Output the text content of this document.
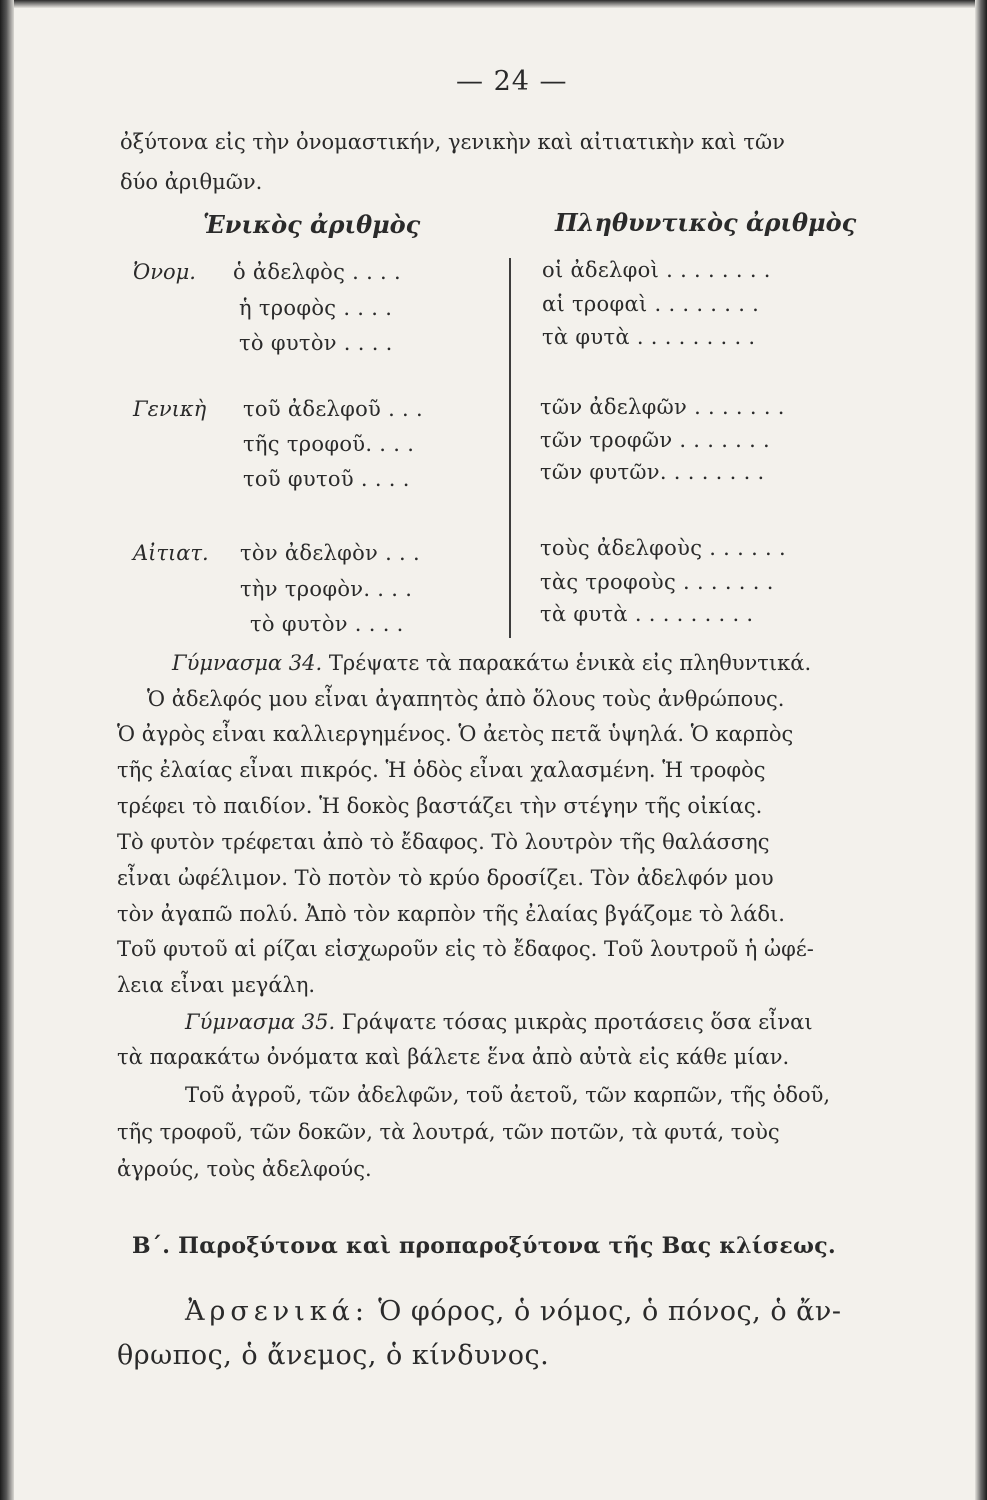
— 24 —
ὀξύτονα εἰς τὴν ὀνομαστικήν, γενικὴν καὶ αἰτιατικὴν καὶ τῶν
δύο ἀριθμῶν.
Ἑνικὸς ἀριθμὸς	Πληθυντικὸς ἀριθμὸς
Ὀνομ. ὁ ἀδελφὸς . . . .
ἡ τροφὸς . . . .
τὸ φυτὸν . . . .
οἱ ἀδελφοὶ . . . . . . . .
αἱ τροφαὶ . . . . . . . .
τὰ φυτὰ . . . . . . . . .
Γενικὴ τοῦ ἀδελφοῦ . . .
τῆς τροφοῦ. . . .
τοῦ φυτοῦ . . . .
τῶν ἀδελφῶν . . . . . . .
τῶν τροφῶν . . . . . . .
τῶν φυτῶν. . . . . . . .
Αἰτιατ. τὸν ἀδελφὸν . . .
τὴν τροφὸν. . . .
τὸ φυτὸν . . . .
τοὺς ἀδελφοὺς . . . . . .
τὰς τροφοὺς . . . . . . .
τὰ φυτὰ . . . . . . . . .
Γύμνασμα 34. Τρέψατε τὰ παρακάτω ἑνικὰ εἰς πληθυντικά.
Ὁ ἀδελφός μου εἶναι ἀγαπητὸς ἀπὸ ὅλους τοὺς ἀνθρώπους.
Ὁ ἀγρὸς εἶναι καλλιεργημένος. Ὁ ἀετὸς πετᾶ ὑψηλά. Ὁ καρπὸς
τῆς ἐλαίας εἶναι πικρός. Ἡ ὁδὸς εἶναι χαλασμένη. Ἡ τροφὸς
τρέφει τὸ παιδίον. Ἡ δοκὸς βαστάζει τὴν στέγην τῆς οἰκίας.
Τὸ φυτὸν τρέφεται ἀπὸ τὸ ἔδαφος. Τὸ λουτρὸν τῆς θαλάσσης
εἶναι ὠφέλιμον. Τὸ ποτὸν τὸ κρύο δροσίζει. Τὸν ἀδελφόν μου
τὸν ἀγαπῶ πολύ. Ἀπὸ τὸν καρπὸν τῆς ἐλαίας βγάζομε τὸ λάδι.
Τοῦ φυτοῦ αἱ ρίζαι εἰσχωροῦν εἰς τὸ ἔδαφος. Τοῦ λουτροῦ ἡ ὠφέ-
λεια εἶναι μεγάλη.
Γύμνασμα 35. Γράψατε τόσας μικρὰς προτάσεις ὅσα εἶναι
τὰ παρακάτω ὀνόματα καὶ βάλετε ἕνα ἀπὸ αὐτὰ εἰς κάθε μίαν.
Τοῦ ἀγροῦ, τῶν ἀδελφῶν, τοῦ ἀετοῦ, τῶν καρπῶν, τῆς ὁδοῦ,
τῆς τροφοῦ, τῶν δοκῶν, τὰ λουτρά, τῶν ποτῶν, τὰ φυτά, τοὺς
ἀγρούς, τοὺς ἀδελφούς.
Β΄. Παροξύτονα καὶ προπαροξύτονα τῆς Βας κλίσεως.
Ἀρσενικά: Ὁ φόρος, ὁ νόμος, ὁ πόνος, ὁ ἄν-
θρωπος, ὁ ἄνεμος, ὁ κίνδυνος.
